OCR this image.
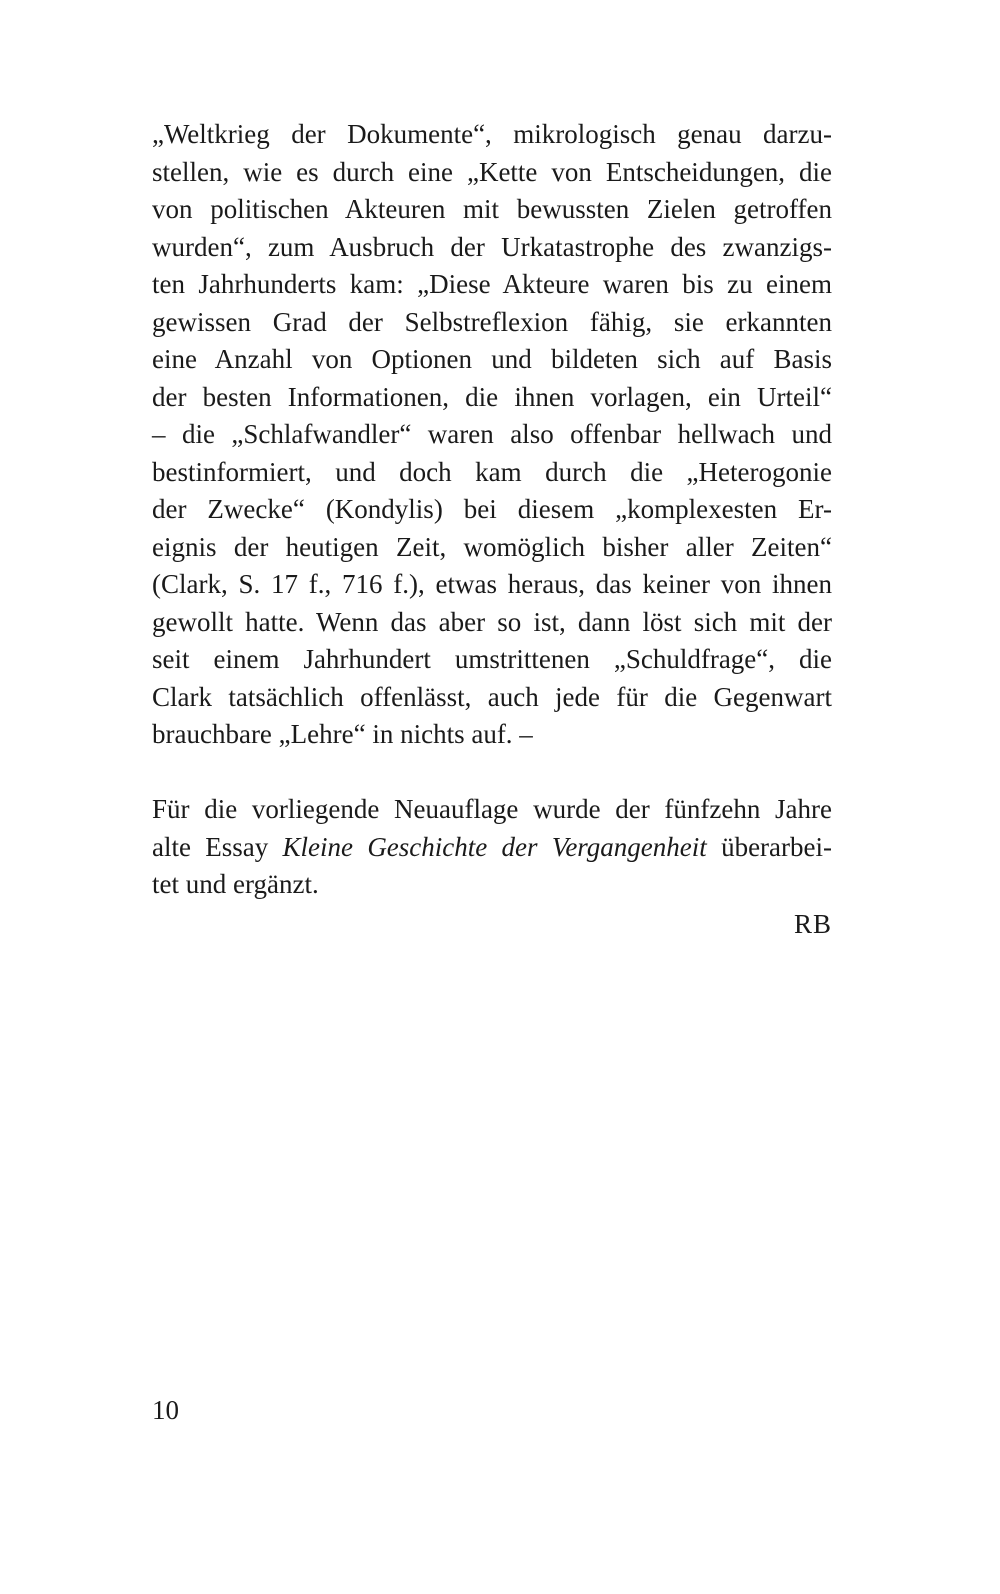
„Weltkrieg der Dokumente“, mikrologisch genau darzu-
stellen, wie es durch eine „Kette von Entscheidungen, die
von politischen Akteuren mit bewussten Zielen getroffen
wurden“, zum Ausbruch der Urkatastrophe des zwanzigs-
ten Jahrhunderts kam: „Diese Akteure waren bis zu einem
gewissen Grad der Selbstreflexion fähig, sie erkannten
eine Anzahl von Optionen und bildeten sich auf Basis
der besten Informationen, die ihnen vorlagen, ein Urteil“
– die „Schlafwandler“ waren also offenbar hellwach und
bestinformiert, und doch kam durch die „Heterogonie
der Zwecke“ (Kondylis) bei diesem „komplexesten Er-
eignis der heutigen Zeit, womöglich bisher aller Zeiten“
(Clark, S. 17 f., 716 f.), etwas heraus, das keiner von ihnen
gewollt hatte. Wenn das aber so ist, dann löst sich mit der
seit einem Jahrhundert umstrittenen „Schuldfrage“, die
Clark tatsächlich offenlässt, auch jede für die Gegenwart
brauchbare „Lehre“ in nichts auf. –
Für die vorliegende Neuauflage wurde der fünfzehn Jahre
alte Essay Kleine Geschichte der Vergangenheit überarbei-
tet und ergänzt.
RB
10
